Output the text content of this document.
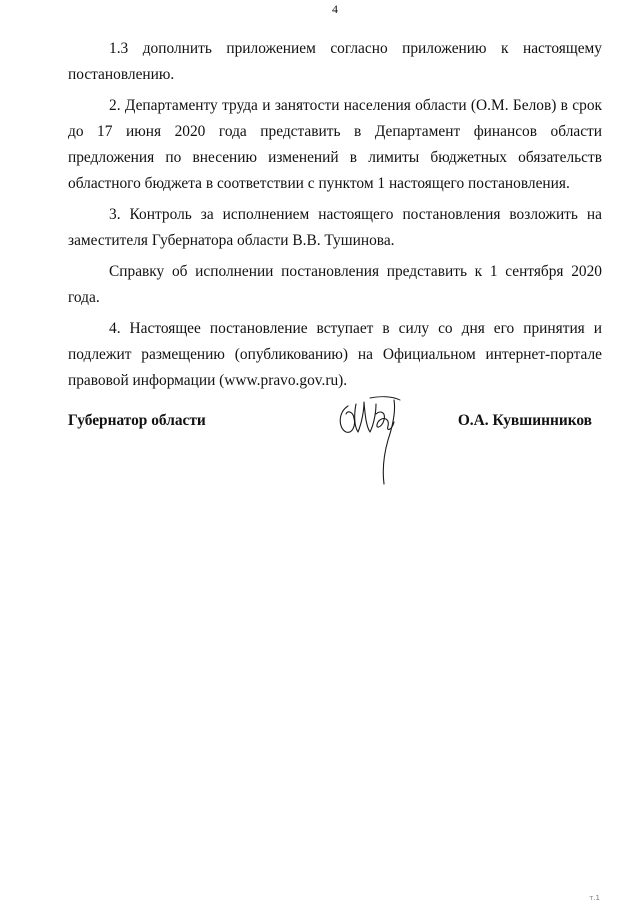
4

1.3 дополнить приложением согласно приложению к настоящему постановлению.

2. Департаменту труда и занятости населения области (О.М. Белов) в срок до 17 июня 2020 года представить в Департамент финансов области предложения по внесению изменений в лимиты бюджетных обязательств областного бюджета в соответствии с пунктом 1 настоящего постановления.

3. Контроль за исполнением настоящего постановления возложить на заместителя Губернатора области В.В. Тушинова.

Справку об исполнении постановления представить к 1 сентября 2020 года.

4. Настоящее постановление вступает в силу со дня его принятия и подлежит размещению (опубликованию) на Официальном интернет-портале правовой информации (www.pravo.gov.ru).

Губернатор области	О.А. Кувшинников
т.1
